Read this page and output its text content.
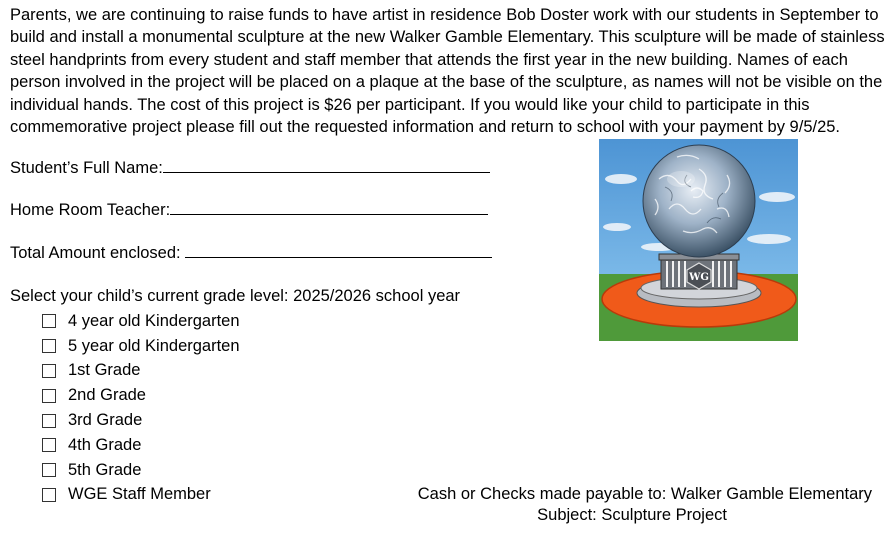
Parents, we are continuing to raise funds to have artist in residence Bob Doster work with our students in September to build and install a monumental sculpture at the new Walker Gamble Elementary. This sculpture will be made of stainless steel handprints from every student and staff member that attends the first year in the new building. Names of each person involved in the project will be placed on a plaque at the base of the sculpture, as names will not be visible on the individual hands. The cost of this project is $26 per participant. If you would like your child to participate in this commemorative project please fill out the requested information and return to school with your payment by 9/5/25.

Student’s Full Name:
Home Room Teacher:
Total Amount enclosed:
Select your child’s current grade level: 2025/2026 school year
4 year old Kindergarten
5 year old Kindergarten
1st Grade
2nd Grade
3rd Grade
4th Grade
5th Grade
WGE Staff Member	Cash or Checks made payable to: Walker Gamble Elementary
Subject: Sculpture Project
WG
